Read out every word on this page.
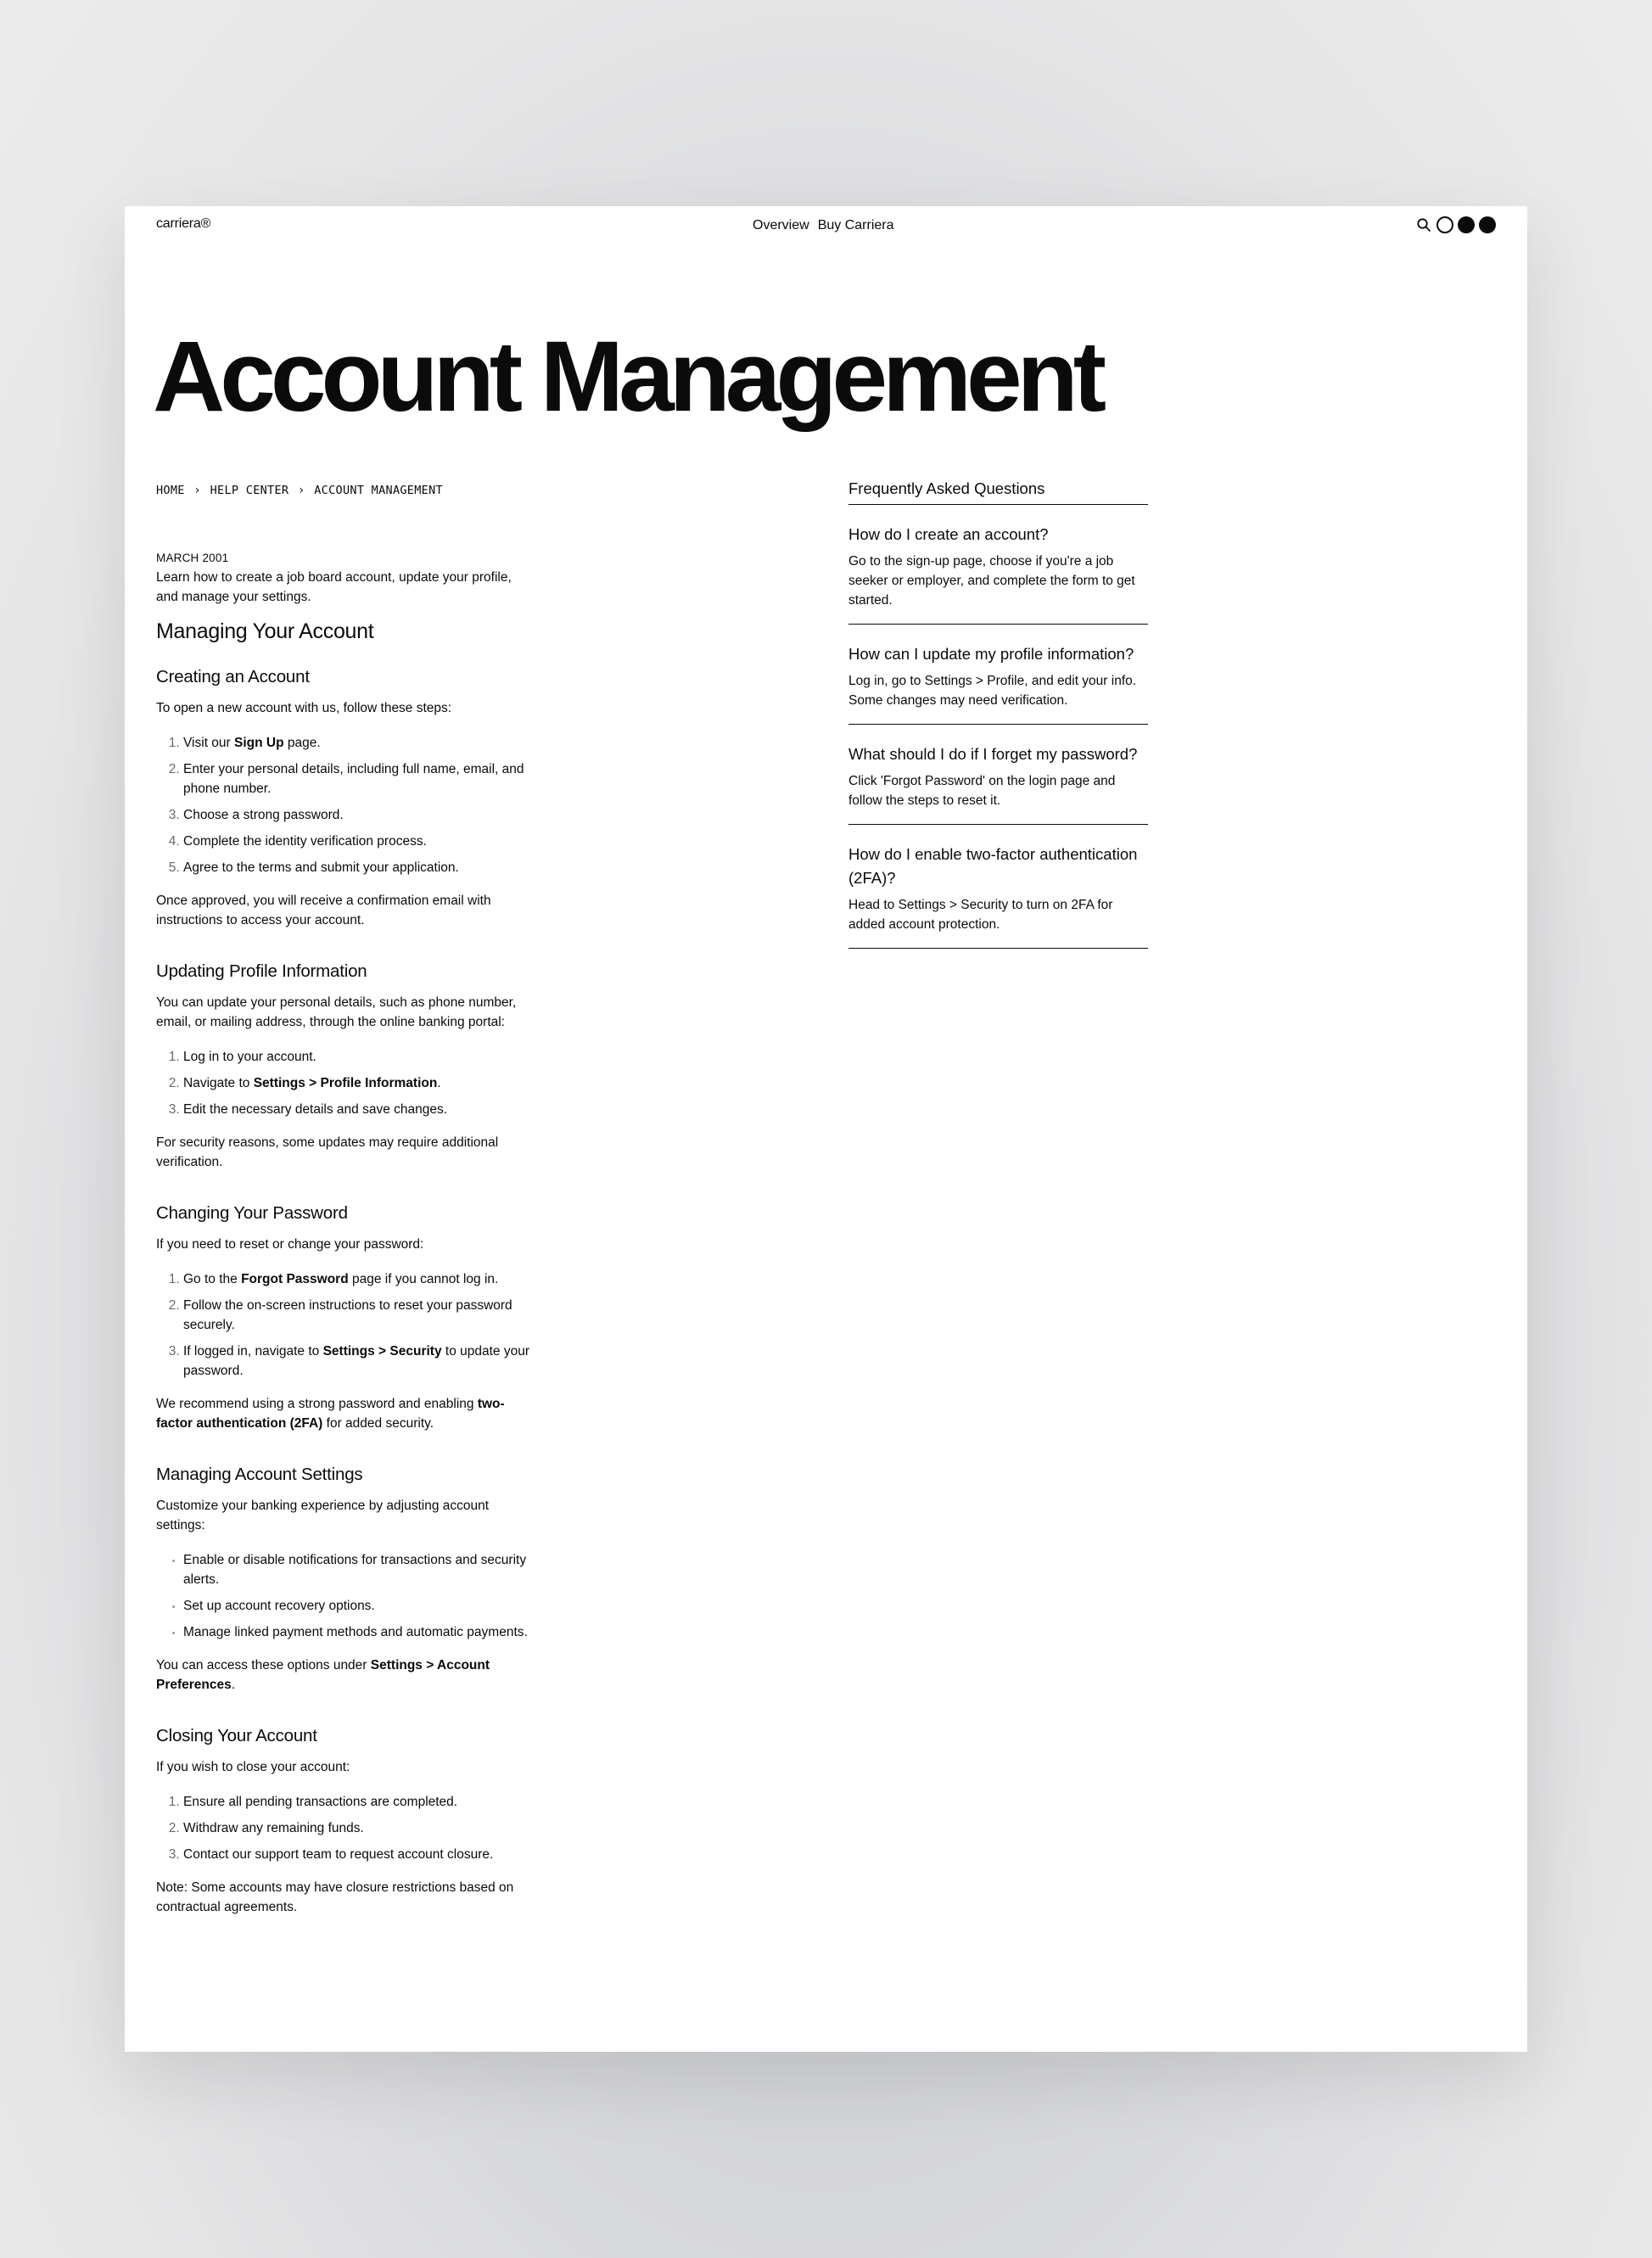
carriera®	Overview Buy Carriera
Account Management
HOME › HELP CENTER › ACCOUNT MANAGEMENT

MARCH 2001

Learn how to create a job board account, update your profile, and manage your settings.

Managing Your Account
Creating an Account

To open a new account with us, follow these steps:

1. Visit our Sign Up page.
2. Enter your personal details, including full name, email, and phone number.
3. Choose a strong password.
4. Complete the identity verification process.
5. Agree to the terms and submit your application.

Once approved, you will receive a confirmation email with instructions to access your account.

Updating Profile Information

You can update your personal details, such as phone number, email, or mailing address, through the online banking portal:

1. Log in to your account.
2. Navigate to Settings > Profile Information.
3. Edit the necessary details and save changes.

For security reasons, some updates may require additional verification.

Changing Your Password

If you need to reset or change your password:

1. Go to the Forgot Password page if you cannot log in.
2. Follow the on-screen instructions to reset your password securely.
3. If logged in, navigate to Settings > Security to update your password.

We recommend using a strong password and enabling two-factor authentication (2FA) for added security.

Managing Account Settings

Customize your banking experience by adjusting account settings:

• Enable or disable notifications for transactions and security alerts.
• Set up account recovery options.
• Manage linked payment methods and automatic payments.

You can access these options under Settings > Account Preferences.

Closing Your Account

If you wish to close your account:

1. Ensure all pending transactions are completed.
2. Withdraw any remaining funds.
3. Contact our support team to request account closure.

Note: Some accounts may have closure restrictions based on contractual agreements.

Frequently Asked Questions
How do I create an account?
Go to the sign-up page, choose if you're a job seeker or employer, and complete the form to get started.
How can I update my profile information?
Log in, go to Settings > Profile, and edit your info. Some changes may need verification.
What should I do if I forget my password?
Click 'Forgot Password' on the login page and follow the steps to reset it.
How do I enable two-factor authentication (2FA)?
Head to Settings > Security to turn on 2FA for added account protection.
